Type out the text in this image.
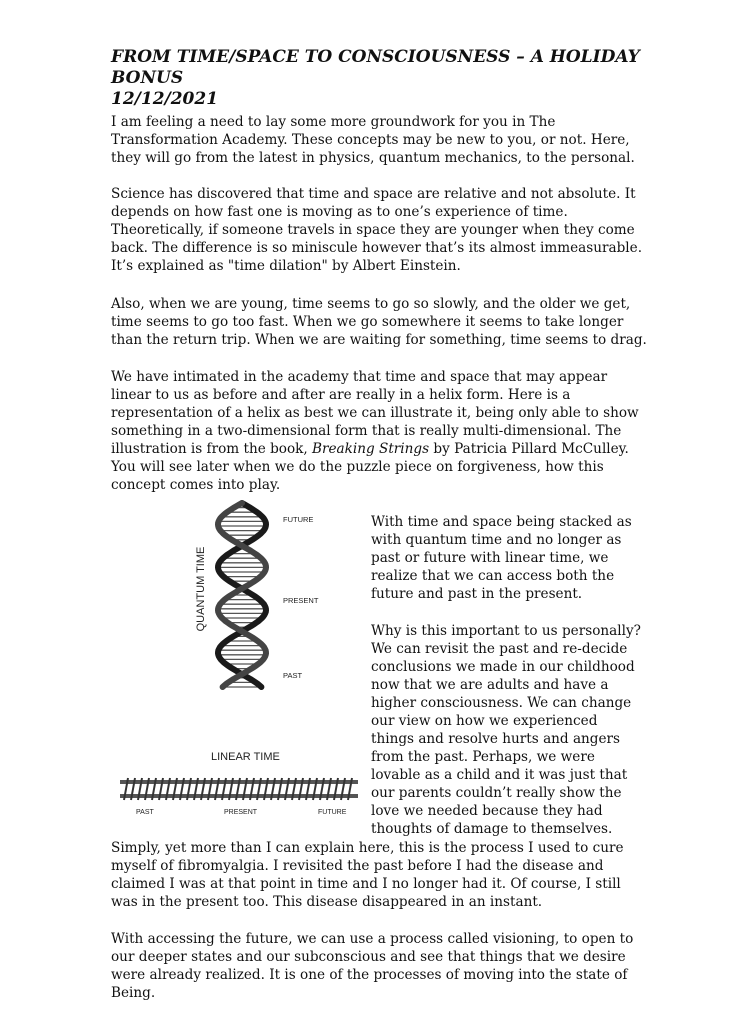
FROM TIME/SPACE TO CONSCIOUSNESS – A HOLIDAY BONUS
12/12/2021

I am feeling a need to lay some more groundwork for you in The Transformation Academy. These concepts may be new to you, or not. Here, they will go from the latest in physics, quantum mechanics, to the personal.

Science has discovered that time and space are relative and not absolute. It depends on how fast one is moving as to one’s experience of time. Theoretically, if someone travels in space they are younger when they come back. The difference is so miniscule however that’s its almost immeasurable. It’s explained as "time dilation" by Albert Einstein.

Also, when we are young, time seems to go so slowly, and the older we get, time seems to go too fast. When we go somewhere it seems to take longer than the return trip. When we are waiting for something, time seems to drag.

We have intimated in the academy that time and space that may appear linear to us as before and after are really in a helix form. Here is a representation of a helix as best we can illustrate it, being only able to show something in a two-dimensional form that is really multi-dimensional. The illustration is from the book, Breaking Strings by Patricia Pillard McCulley. You will see later when we do the puzzle piece on forgiveness, how this concept comes into play.

QUANTUM TIME
FUTURE
PRESENT
PAST
LINEAR TIME
PAST	PRESENT	FUTURE

With time and space being stacked as with quantum time and no longer as past or future with linear time, we realize that we can access both the future and past in the present.

Why is this important to us personally? We can revisit the past and re-decide conclusions we made in our childhood now that we are adults and have a higher consciousness. We can change our view on how we experienced things and resolve hurts and angers from the past. Perhaps, we were lovable as a child and it was just that our parents couldn’t really show the love we needed because they had thoughts of damage to themselves.

Simply, yet more than I can explain here, this is the process I used to cure myself of fibromyalgia. I revisited the past before I had the disease and claimed I was at that point in time and I no longer had it. Of course, I still was in the present too. This disease disappeared in an instant.

With accessing the future, we can use a process called visioning, to open to our deeper states and our subconscious and see that things that we desire were already realized. It is one of the processes of moving into the state of Being.
